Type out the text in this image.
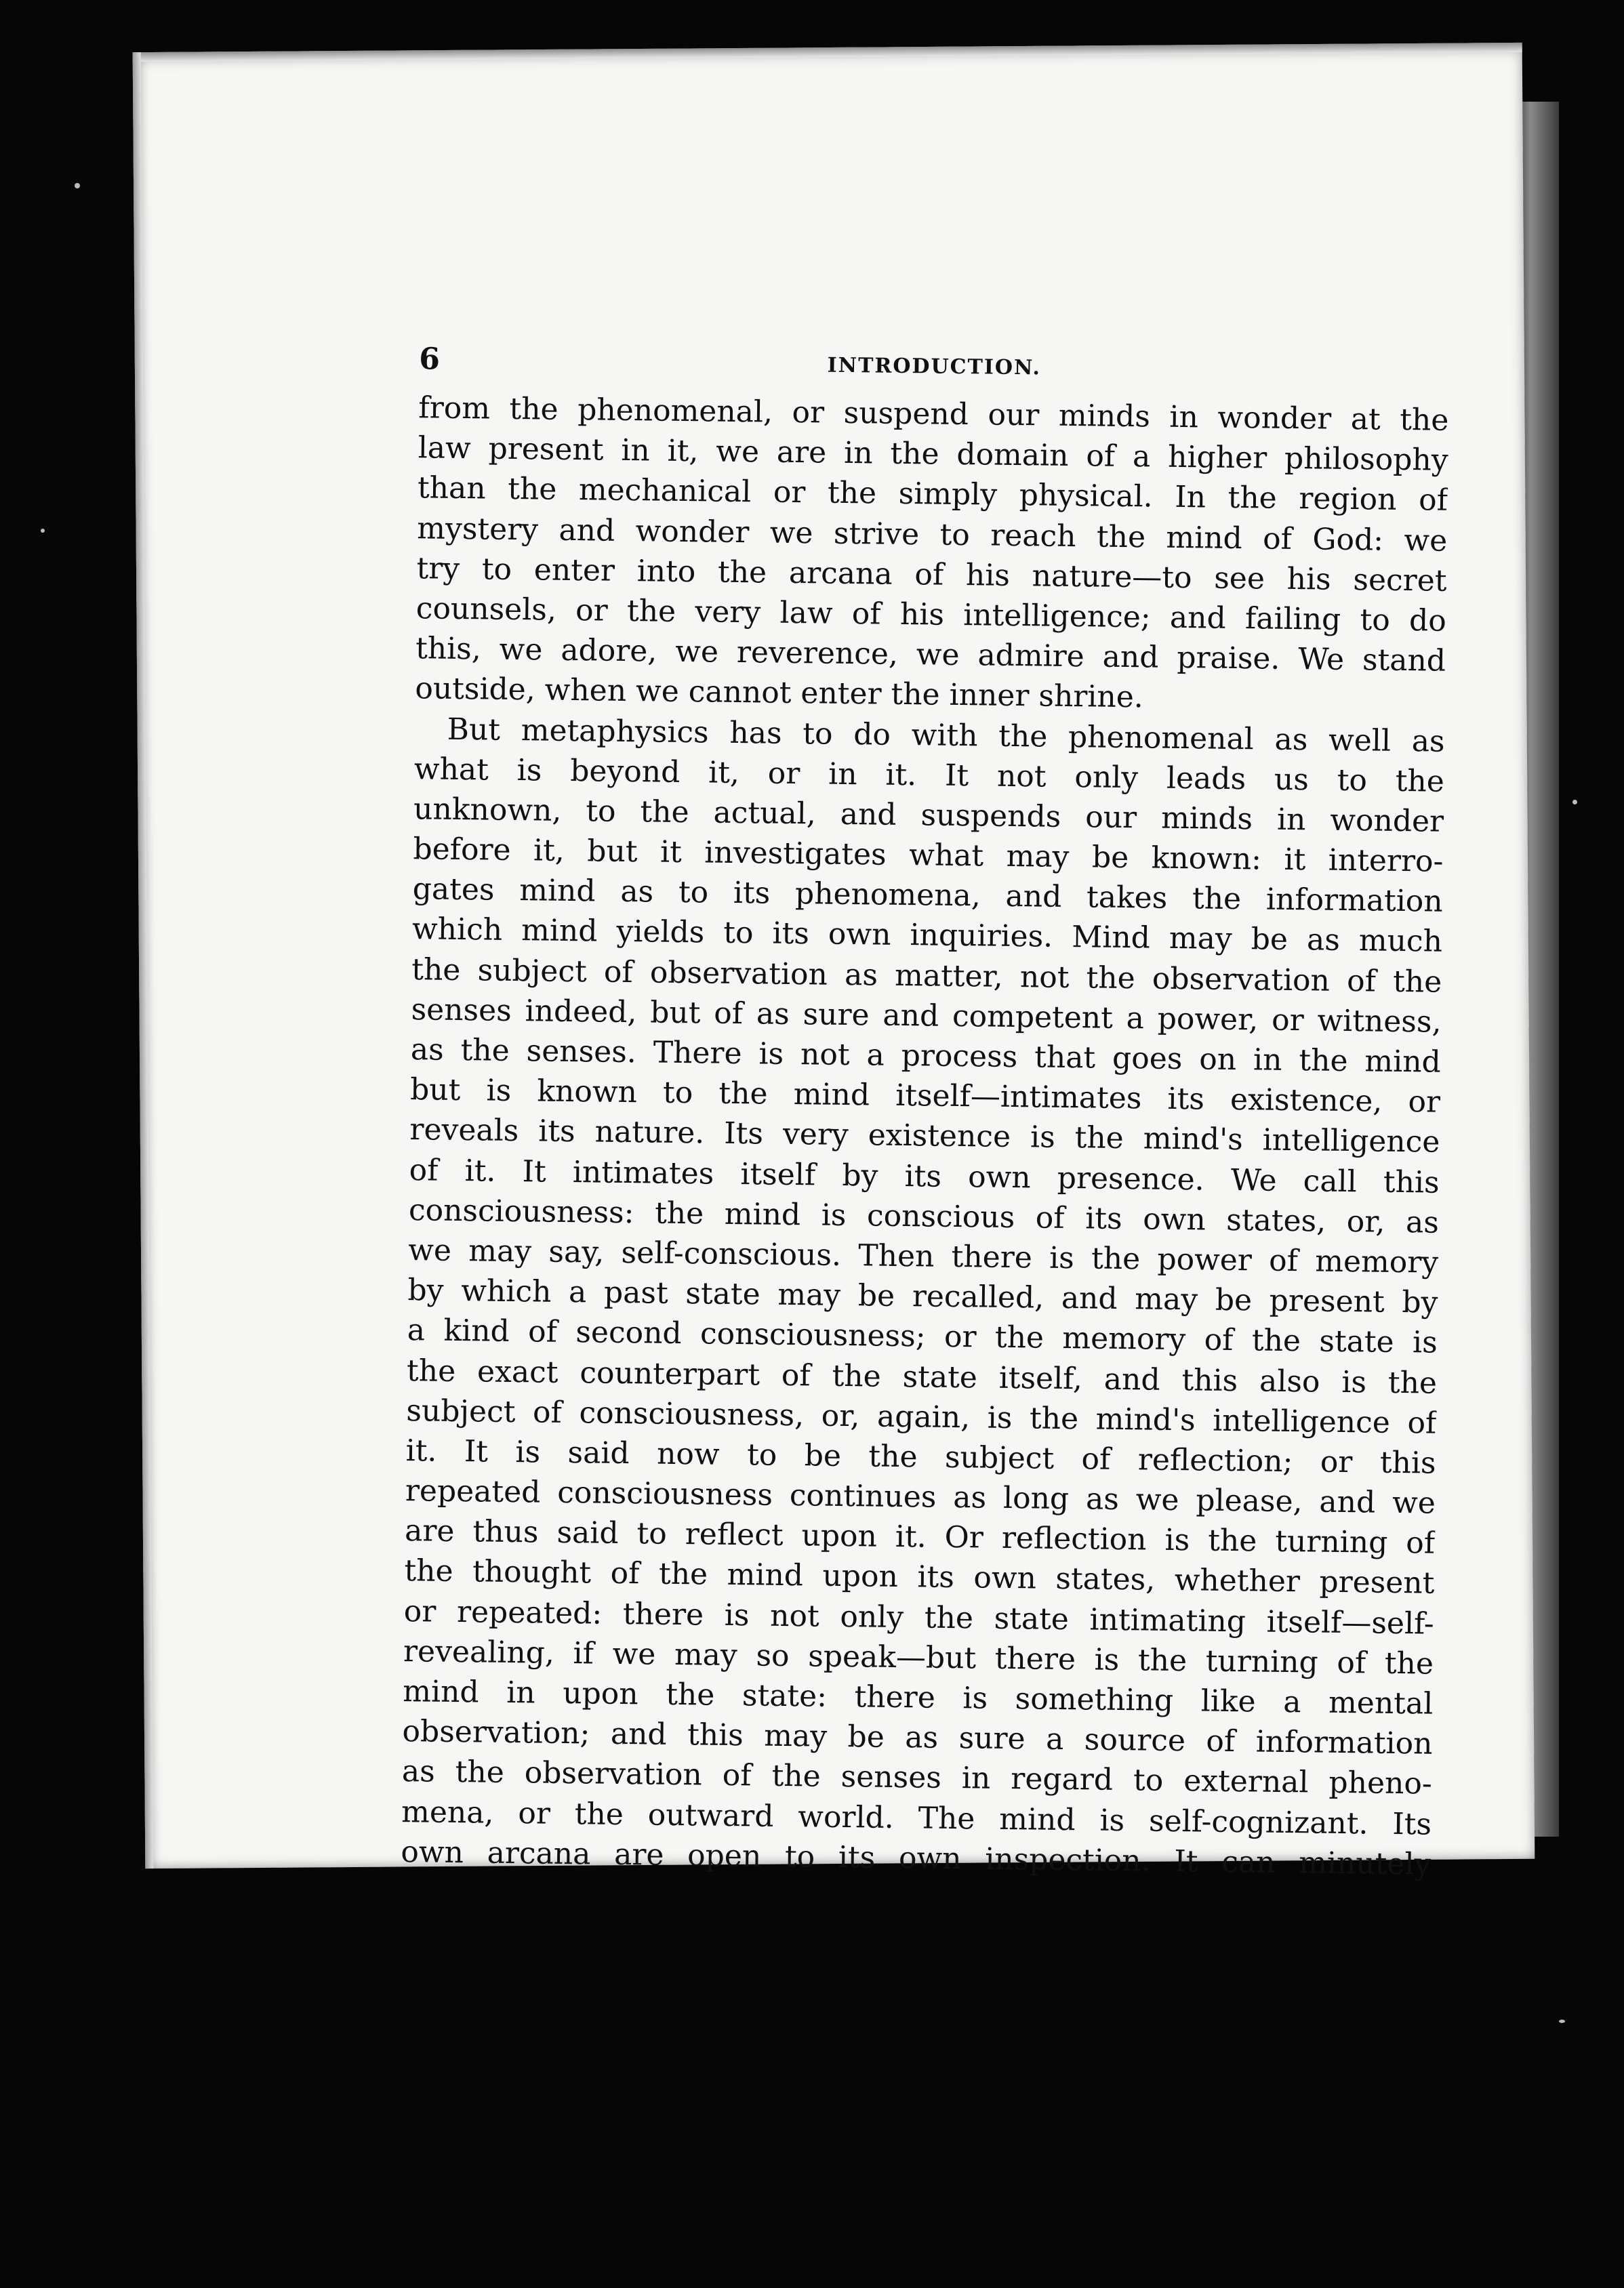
6	INTRODUCTION.
from the phenomenal, or suspend our minds in wonder at the
law present in it, we are in the domain of a higher philosophy
than the mechanical or the simply physical. In the region of
mystery and wonder we strive to reach the mind of God: we
try to enter into the arcana of his nature—to see his secret
counsels, or the very law of his intelligence; and failing to do
this, we adore, we reverence, we admire and praise. We stand
outside, when we cannot enter the inner shrine.
But metaphysics has to do with the phenomenal as well as
what is beyond it, or in it. It not only leads us to the
unknown, to the actual, and suspends our minds in wonder
before it, but it investigates what may be known: it interro-
gates mind as to its phenomena, and takes the information
which mind yields to its own inquiries. Mind may be as much
the subject of observation as matter, not the observation of the
senses indeed, but of as sure and competent a power, or witness,
as the senses. There is not a process that goes on in the mind
but is known to the mind itself—intimates its existence, or
reveals its nature. Its very existence is the mind's intelligence
of it. It intimates itself by its own presence. We call this
consciousness: the mind is conscious of its own states, or, as
we may say, self-conscious. Then there is the power of memory
by which a past state may be recalled, and may be present by
a kind of second consciousness; or the memory of the state is
the exact counterpart of the state itself, and this also is the
subject of consciousness, or, again, is the mind's intelligence of
it. It is said now to be the subject of reflection; or this
repeated consciousness continues as long as we please, and we
are thus said to reflect upon it. Or reflection is the turning of
the thought of the mind upon its own states, whether present
or repeated: there is not only the state intimating itself—self-
revealing, if we may so speak—but there is the turning of the
mind in upon the state: there is something like a mental
observation; and this may be as sure a source of information
as the observation of the senses in regard to external pheno-
mena, or the outward world. The mind is self-cognizant. Its
own arcana are open to its own inspection. It can minutely
